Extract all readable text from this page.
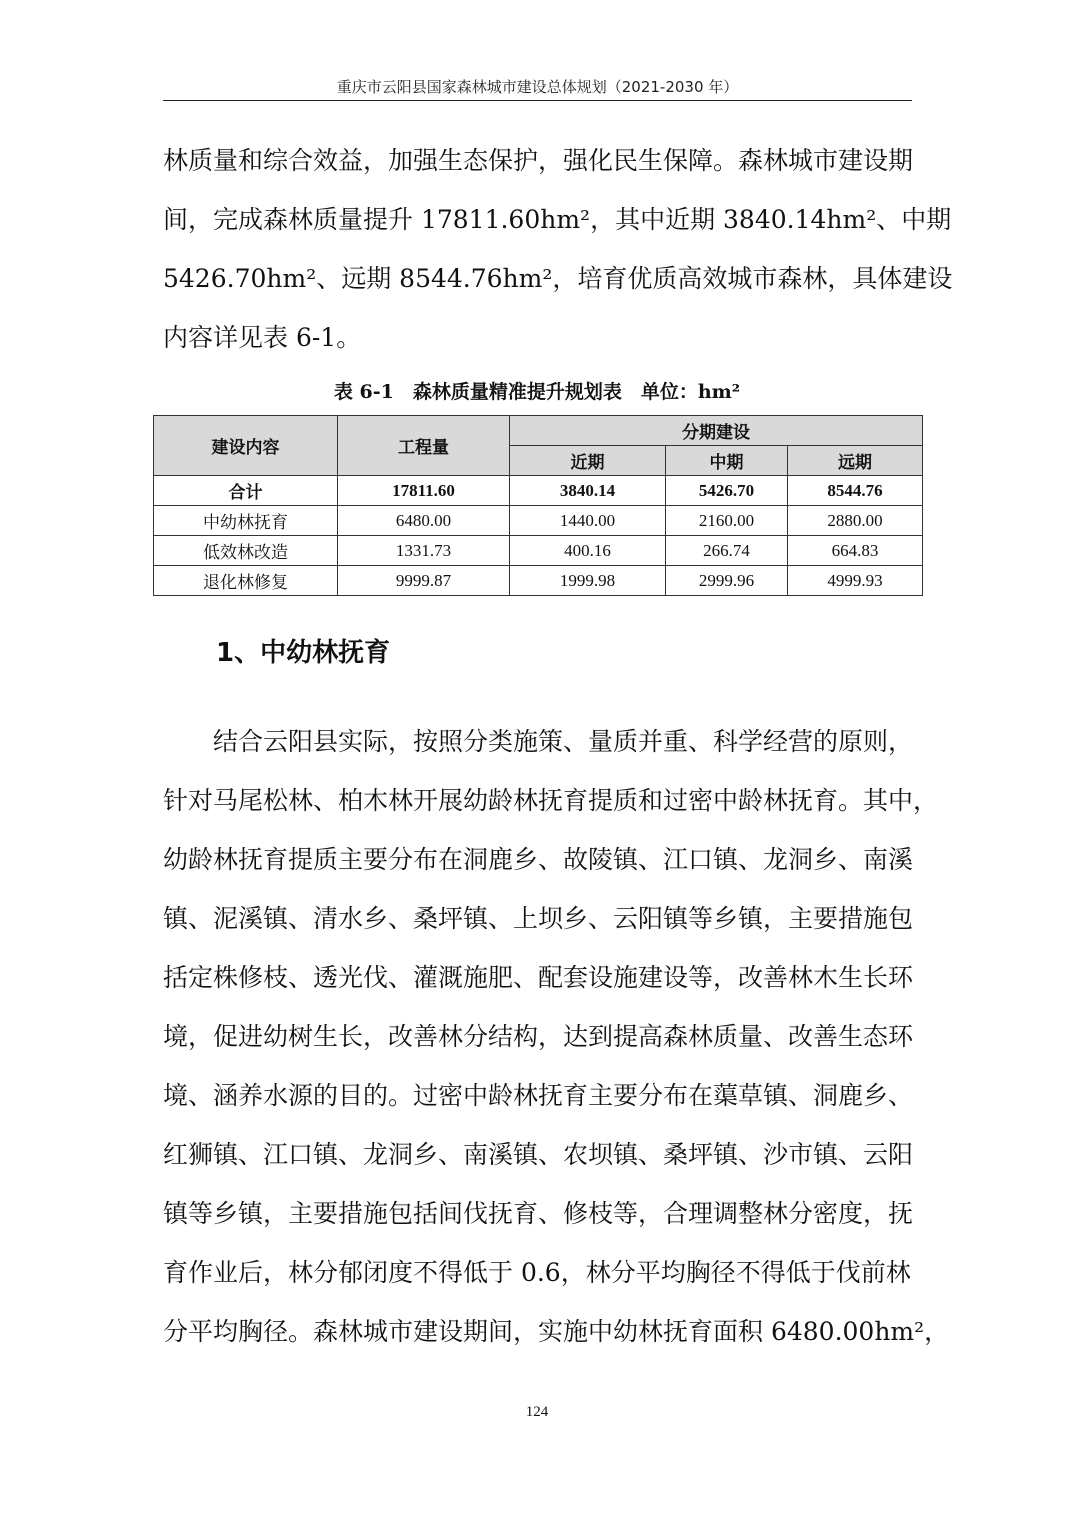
重庆市云阳县国家森林城市建设总体规划（2021-2030 年）
林质量和综合效益，加强生态保护，强化民生保障。森林城市建设期
间，完成森林质量提升 17811.60hm²，其中近期 3840.14hm²、中期
5426.70hm²、远期 8544.76hm²，培育优质高效城市森林，具体建设
内容详见表 6-1。
表 6-1　森林质量精准提升规划表　单位：hm²
建设内容	工程量	分期建设		
		近期	中期	远期
合计	17811.60	3840.14	5426.70	8544.76
中幼林抚育	6480.00	1440.00	2160.00	2880.00
低效林改造	1331.73	400.16	266.74	664.83
退化林修复	9999.87	1999.98	2999.96	4999.93
1、中幼林抚育
　　结合云阳县实际，按照分类施策、量质并重、科学经营的原则，
针对马尾松林、柏木林开展幼龄林抚育提质和过密中龄林抚育。其中，
幼龄林抚育提质主要分布在洞鹿乡、故陵镇、江口镇、龙洞乡、南溪
镇、泥溪镇、清水乡、桑坪镇、上坝乡、云阳镇等乡镇，主要措施包
括定株修枝、透光伐、灌溉施肥、配套设施建设等，改善林木生长环
境，促进幼树生长，改善林分结构，达到提高森林质量、改善生态环
境、涵养水源的目的。过密中龄林抚育主要分布在蕖草镇、洞鹿乡、
红狮镇、江口镇、龙洞乡、南溪镇、农坝镇、桑坪镇、沙市镇、云阳
镇等乡镇，主要措施包括间伐抚育、修枝等，合理调整林分密度，抚
育作业后，林分郁闭度不得低于 0.6，林分平均胸径不得低于伐前林
分平均胸径。森林城市建设期间，实施中幼林抚育面积 6480.00hm²，
124
